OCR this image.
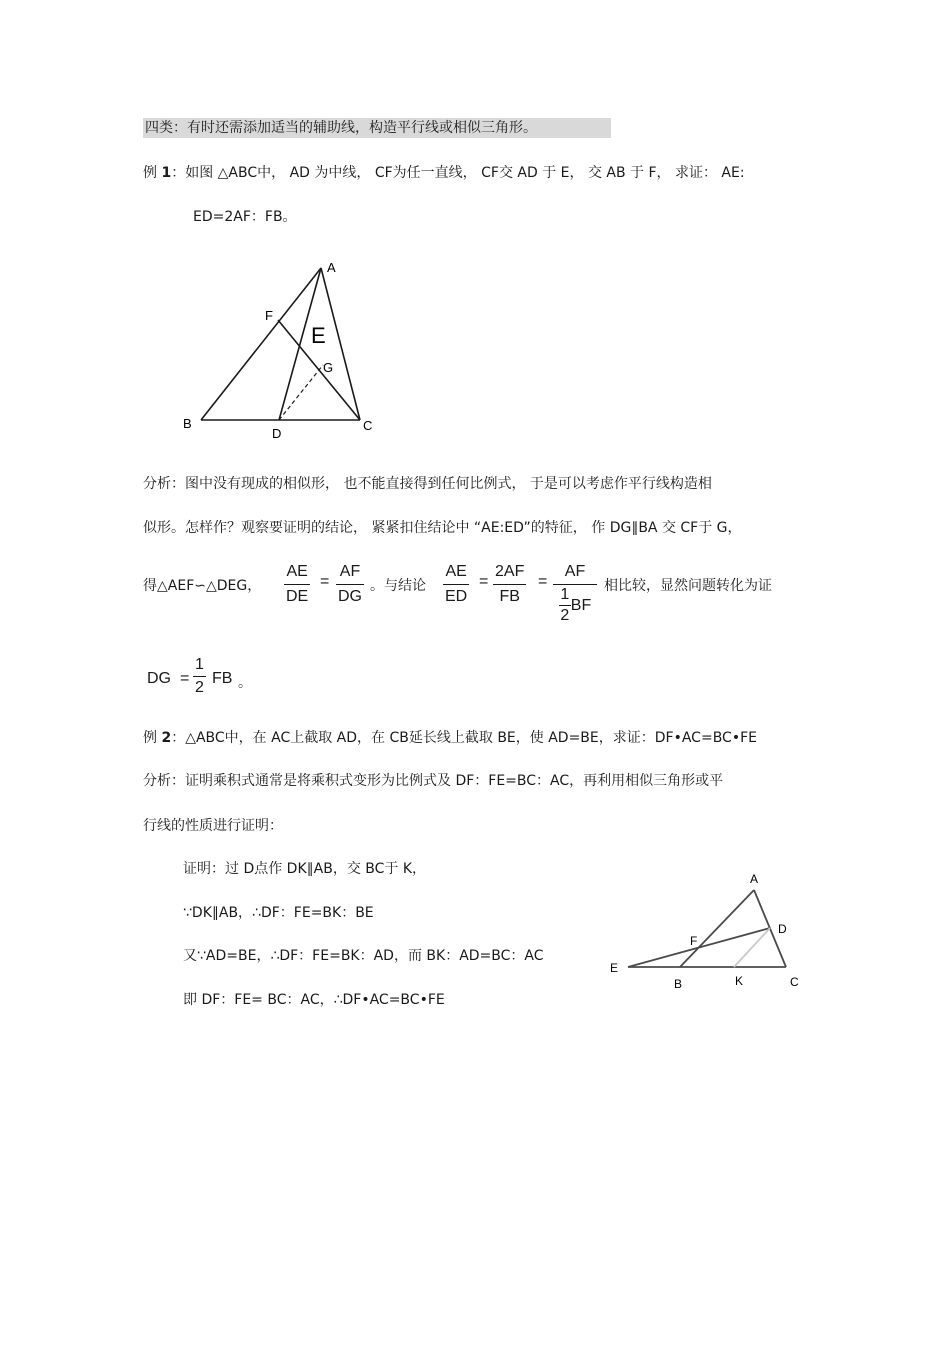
四类：有时还需添加适当的辅助线，构造平行线或相似三角形。
例 1：如图 △ABC中， AD 为中线， CF为任一直线， CF交 AD 于 E， 交 AB 于 F， 求证： AE:
ED=2AF：FB。
A
B	C
D
E
F
G
分析：图中没有现成的相似形， 也不能直接得到任何比例式， 于是可以考虑作平行线构造相
似形。怎样作？观察要证明的结论， 紧紧扣住结论中 “AE:ED”的特征， 作 DG∥BA 交 CF于 G，
得△AEF∽△DEG，
AE
DE
=
AF
DG
。与结论
AE
ED
=
2AF
FB
=
AF
1
2
BF
相比较，显然问题转化为证
DG =
1
2
FB 。
例 2：△ABC中，在 AC上截取 AD，在 CB延长线上截取 BE，使 AD=BE，求证：DF•AC=BC•FE
分析：证明乘积式通常是将乘积式变形为比例式及 DF：FE=BC：AC，再利用相似三角形或平
行线的性质进行证明：
证明：过 D点作 DK∥AB，交 BC于 K，
∵DK∥AB，∴DF：FE=BK：BE
又∵AD=BE，∴DF：FE=BK：AD，而 BK：AD=BC：AC
即 DF：FE= BC：AC，∴DF•AC=BC•FE
A
B	C
D
E
F
K
